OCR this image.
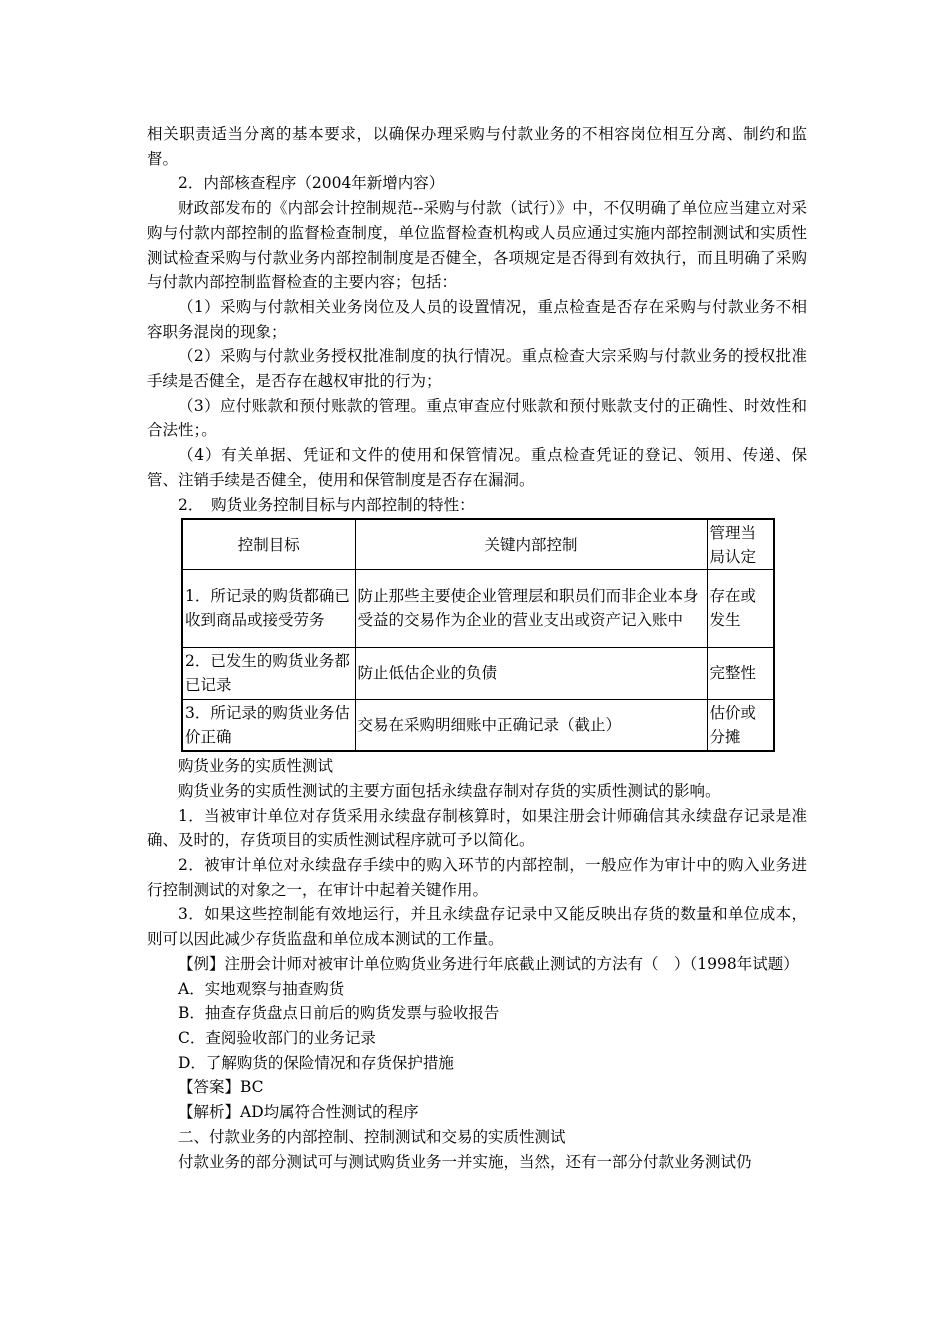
相关职责适当分离的基本要求，以确保办理采购与付款业务的不相容岗位相互分离、制约和监督。

2．内部核查程序（2004年新增内容）

财政部发布的《内部会计控制规范--采购与付款（试行）》中，不仅明确了单位应当建立对采购与付款内部控制的监督检查制度，单位监督检查机构或人员应通过实施内部控制测试和实质性测试检查采购与付款业务内部控制制度是否健全，各项规定是否得到有效执行，而且明确了采购与付款内部控制监督检查的主要内容；包括：

（1）采购与付款相关业务岗位及人员的设置情况，重点检查是否存在采购与付款业务不相容职务混岗的现象；

（2）采购与付款业务授权批准制度的执行情况。重点检查大宗采购与付款业务的授权批准手续是否健全，是否存在越权审批的行为；

（3）应付账款和预付账款的管理。重点审查应付账款和预付账款支付的正确性、时效性和合法性；。

（4）有关单据、凭证和文件的使用和保管情况。重点检查凭证的登记、领用、传递、保管、注销手续是否健全，使用和保管制度是否存在漏洞。

2．　购货业务控制目标与内部控制的特性：

控制目标	关键内部控制	管理当局认定
1．所记录的购货都确已收到商品或接受劳务	防止那些主要使企业管理层和职员们而非企业本身受益的交易作为企业的营业支出或资产记入账中	存在或发生
2．已发生的购货业务都已记录	防止低估企业的负债	完整性
3．所记录的购货业务估价正确	交易在采购明细账中正确记录（截止）	估价或分摊

购货业务的实质性测试

购货业务的实质性测试的主要方面包括永续盘存制对存货的实质性测试的影响。

1．当被审计单位对存货采用永续盘存制核算时，如果注册会计师确信其永续盘存记录是准确、及时的，存货项目的实质性测试程序就可予以简化。

2．被审计单位对永续盘存手续中的购入环节的内部控制，一般应作为审计中的购入业务进行控制测试的对象之一，在审计中起着关键作用。

3．如果这些控制能有效地运行，并且永续盘存记录中又能反映出存货的数量和单位成本，则可以因此减少存货监盘和单位成本测试的工作量。

【例】注册会计师对被审计单位购货业务进行年底截止测试的方法有（　）（1998年试题）

A．实地观察与抽查购货

B．抽查存货盘点日前后的购货发票与验收报告

C．查阅验收部门的业务记录

D．了解购货的保险情况和存货保护措施

【答案】BC

【解析】AD均属符合性测试的程序

二、付款业务的内部控制、控制测试和交易的实质性测试

付款业务的部分测试可与测试购货业务一并实施，当然，还有一部分付款业务测试仍
